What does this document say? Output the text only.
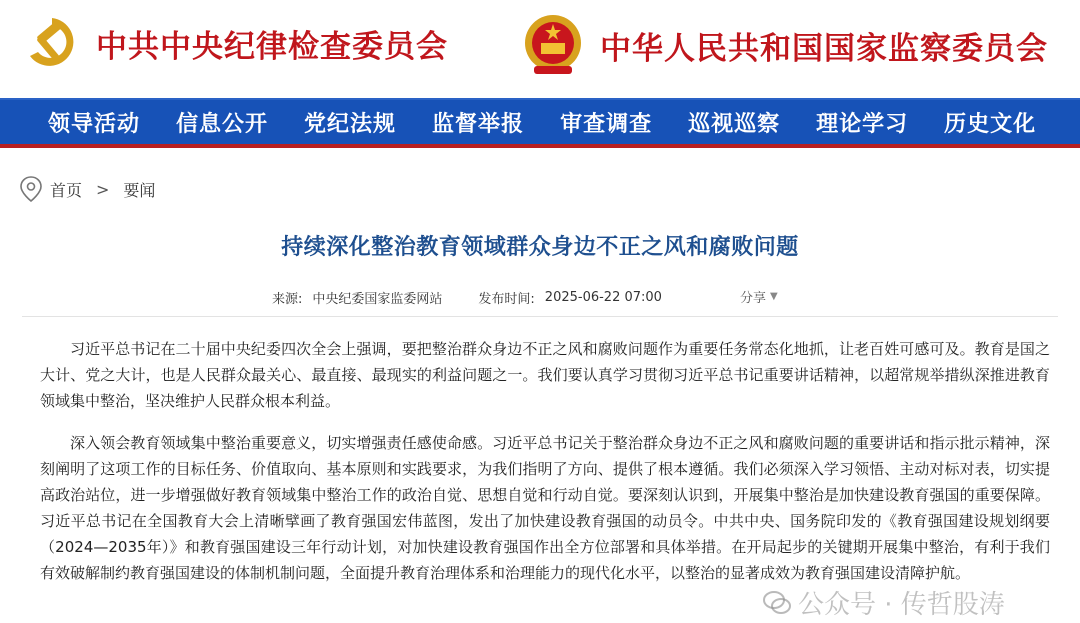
中共中央纪律检查委员会	中华人民共和国国家监察委员会
领导活动 信息公开 党纪法规 监督举报 审查调查 巡视巡察 理论学习 历史文化
首页 > 要闻
持续深化整治教育领域群众身边不正之风和腐败问题
来源: 中央纪委国家监委网站	发布时间: 2025-06-22 07:00	分享 ▼

习近平总书记在二十届中央纪委四次全会上强调，要把整治群众身边不正之风和腐败问题作为重要任务常态化地抓，让老百姓可感可及。教育是国之大计、党之大计，也是人民群众最关心、最直接、最现实的利益问题之一。我们要认真学习贯彻习近平总书记重要讲话精神，以超常规举措纵深推进教育领域集中整治，坚决维护人民群众根本利益。

深入领会教育领域集中整治重要意义，切实增强责任感使命感。习近平总书记关于整治群众身边不正之风和腐败问题的重要讲话和指示批示精神，深刻阐明了这项工作的目标任务、价值取向、基本原则和实践要求，为我们指明了方向、提供了根本遵循。我们必须深入学习领悟、主动对标对表，切实提高政治站位，进一步增强做好教育领域集中整治工作的政治自觉、思想自觉和行动自觉。要深刻认识到，开展集中整治是加快建设教育强国的重要保障。习近平总书记在全国教育大会上清晰擘画了教育强国宏伟蓝图，发出了加快建设教育强国的动员令。中共中央、国务院印发的《教育强国建设规划纲要（2024—2035年）》和教育强国建设三年行动计划，对加快建设教育强国作出全方位部署和具体举措。在开局起步的关键期开展集中整治，有利于我们有效破解制约教育强国建设的体制机制问题，全面提升教育治理体系和治理能力的现代化水平，以整治的显著成效为教育强国建设清障护航。

公众号 · 传哲股涛
